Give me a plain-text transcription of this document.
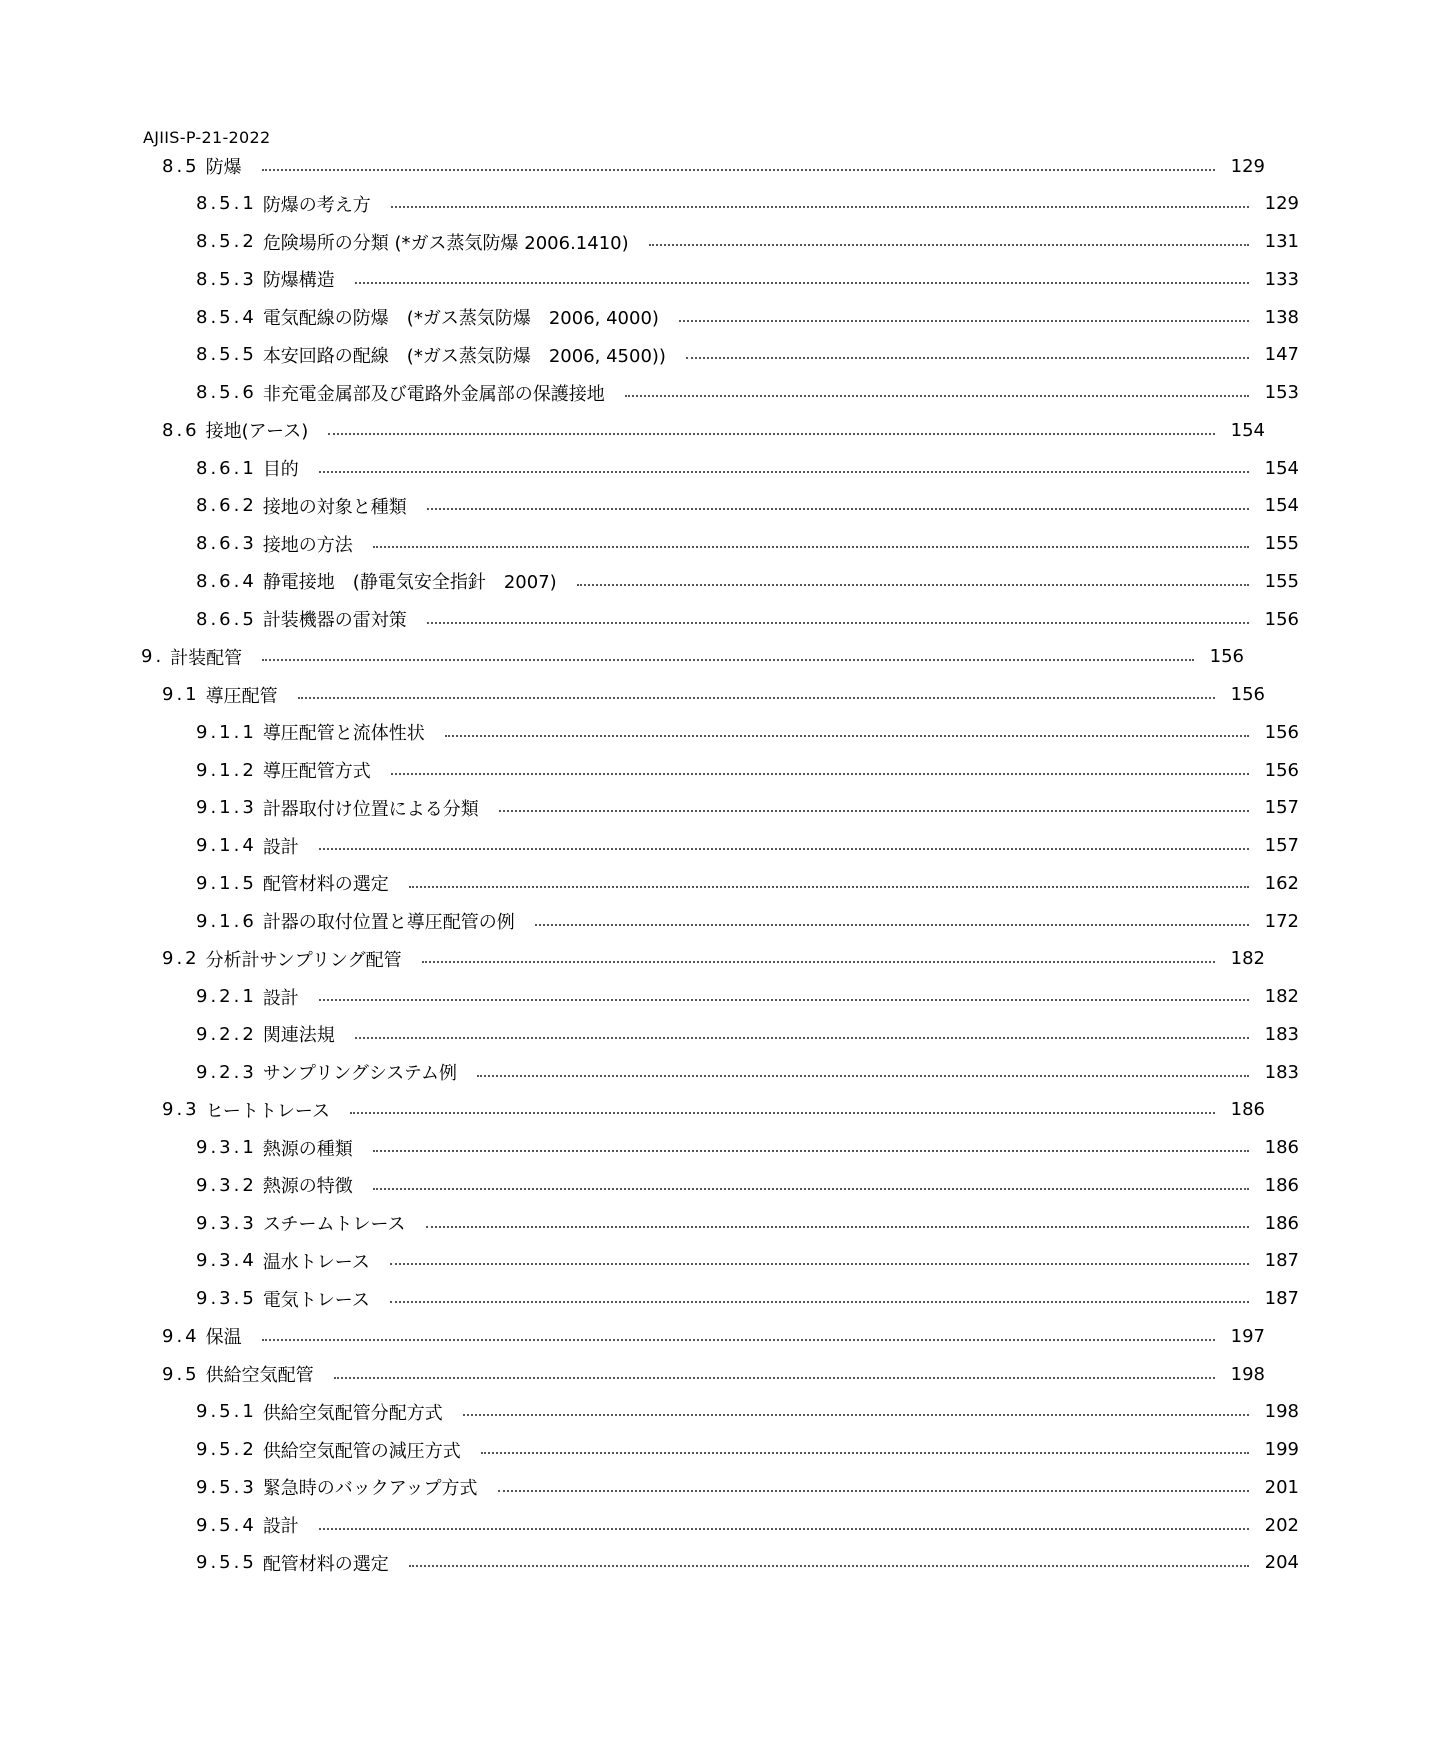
AJIIS-P-21-2022
8.5 防爆	129
8.5.1 防爆の考え方	129
8.5.2 危険場所の分類 (*ガス蒸気防爆 2006.1410)	131
8.5.3 防爆構造	133
8.5.4 電気配線の防爆　(*ガス蒸気防爆　2006, 4000)	138
8.5.5 本安回路の配線　(*ガス蒸気防爆　2006, 4500))	147
8.5.6 非充電金属部及び電路外金属部の保護接地	153
8.6 接地(アース)	154
8.6.1 目的	154
8.6.2 接地の対象と種類	154
8.6.3 接地の方法	155
8.6.4 静電接地　(静電気安全指針　2007)	155
8.6.5 計装機器の雷対策	156
9. 計装配管	156
9.1 導圧配管	156
9.1.1 導圧配管と流体性状	156
9.1.2 導圧配管方式	156
9.1.3 計器取付け位置による分類	157
9.1.4 設計	157
9.1.5 配管材料の選定	162
9.1.6 計器の取付位置と導圧配管の例	172
9.2 分析計サンプリング配管	182
9.2.1 設計	182
9.2.2 関連法規	183
9.2.3 サンプリングシステム例	183
9.3 ヒートトレース	186
9.3.1 熱源の種類	186
9.3.2 熱源の特徴	186
9.3.3 スチームトレース	186
9.3.4 温水トレース	187
9.3.5 電気トレース	187
9.4 保温	197
9.5 供給空気配管	198
9.5.1 供給空気配管分配方式	198
9.5.2 供給空気配管の減圧方式	199
9.5.3 緊急時のバックアップ方式	201
9.5.4 設計	202
9.5.5 配管材料の選定	204
